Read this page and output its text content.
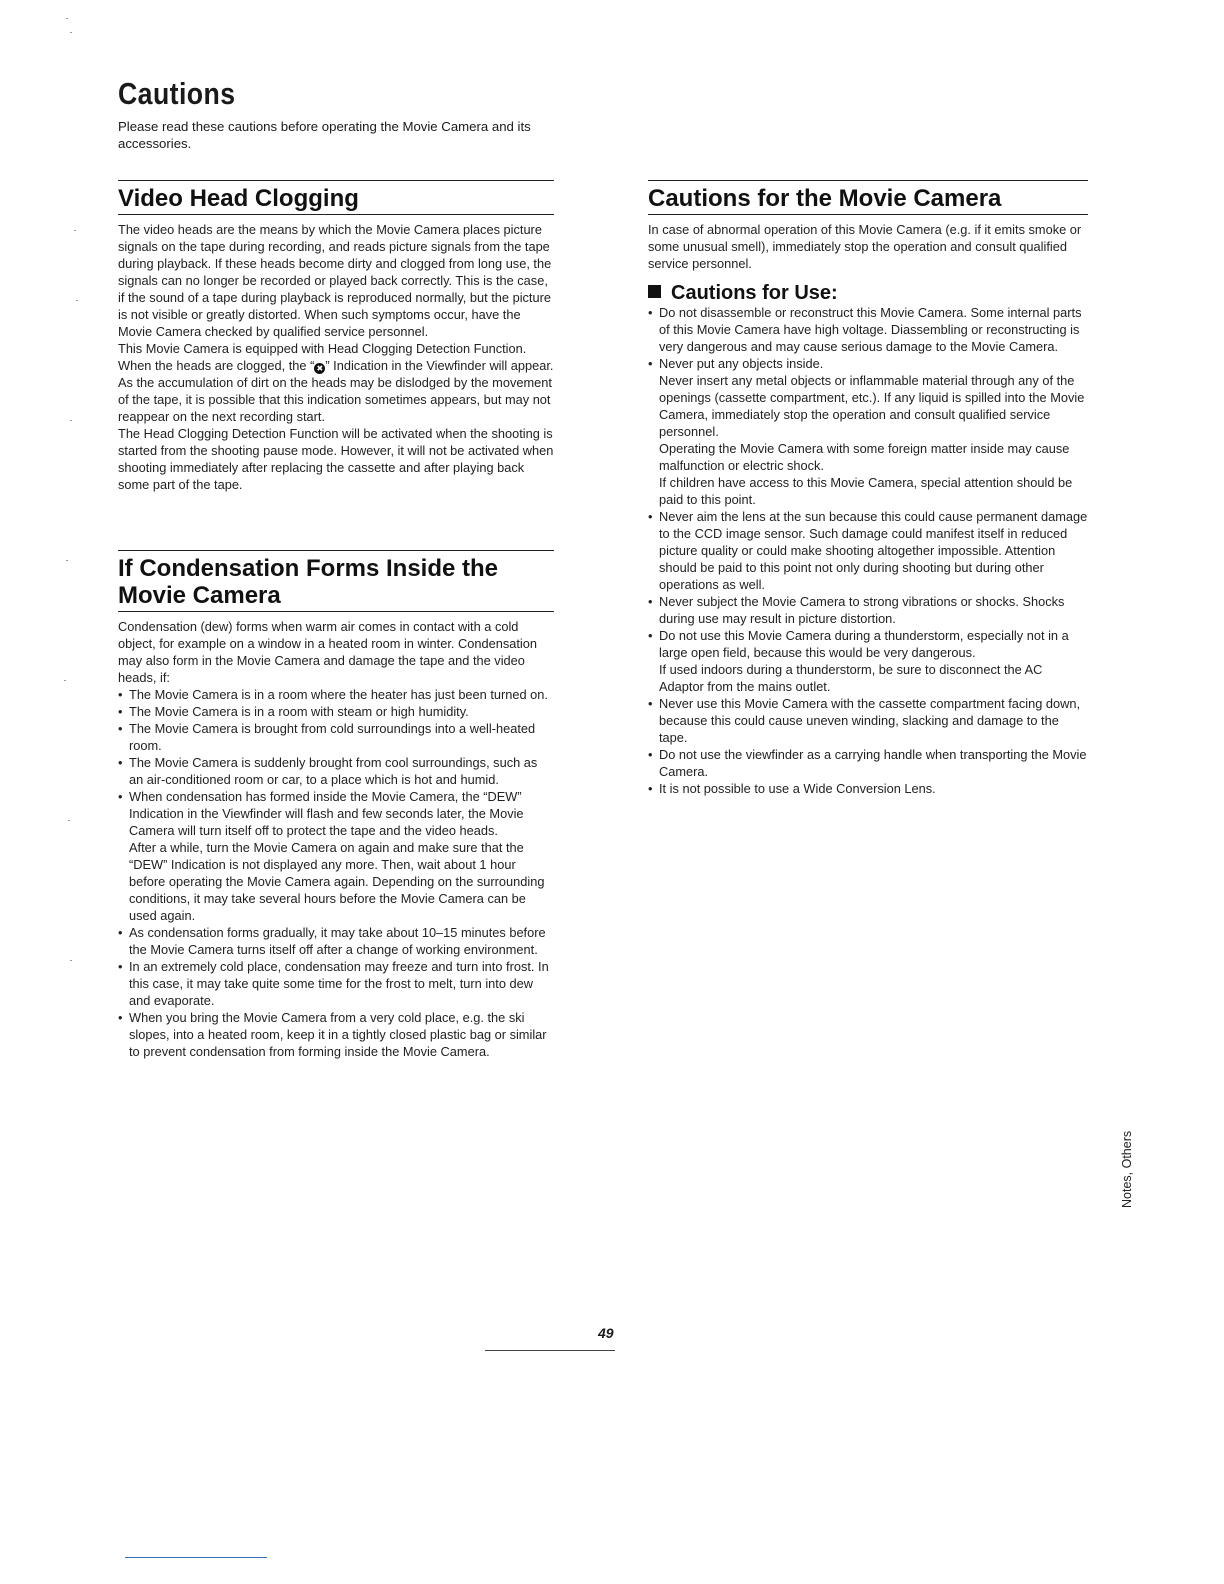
Cautions

Please read these cautions before operating the Movie Camera and its accessories.

Video Head Clogging

The video heads are the means by which the Movie Camera places picture signals on the tape during recording, and reads picture signals from the tape during playback. If these heads become dirty and clogged from long use, the signals can no longer be recorded or played back correctly. This is the case, if the sound of a tape during playback is reproduced normally, but the picture is not visible or greatly distorted. When such symptoms occur, have the Movie Camera checked by qualified service personnel.

This Movie Camera is equipped with Head Clogging Detection Function. When the heads are clogged, the “ ✖ ” Indication in the Viewfinder will appear. As the accumulation of dirt on the heads may be dislodged by the movement of the tape, it is possible that this indication sometimes appears, but may not reappear on the next recording start.

The Head Clogging Detection Function will be activated when the shooting is started from the shooting pause mode. However, it will not be activated when shooting immediately after replacing the cassette and after playing back some part of the tape.

If Condensation Forms Inside the Movie Camera

Condensation (dew) forms when warm air comes in contact with a cold object, for example on a window in a heated room in winter. Condensation may also form in the Movie Camera and damage the tape and the video heads, if:

• The Movie Camera is in a room where the heater has just been turned on.
• The Movie Camera is in a room with steam or high humidity.
• The Movie Camera is brought from cold surroundings into a well-heated room.
• The Movie Camera is suddenly brought from cool surroundings, such as an air-conditioned room or car, to a place which is hot and humid.
• When condensation has formed inside the Movie Camera, the “DEW” Indication in the Viewfinder will flash and few seconds later, the Movie Camera will turn itself off to protect the tape and the video heads.
After a while, turn the Movie Camera on again and make sure that the “DEW” Indication is not displayed any more. Then, wait about 1 hour before operating the Movie Camera again. Depending on the surrounding conditions, it may take several hours before the Movie Camera can be used again.
• As condensation forms gradually, it may take about 10–15 minutes before the Movie Camera turns itself off after a change of working environment.
• In an extremely cold place, condensation may freeze and turn into frost. In this case, it may take quite some time for the frost to melt, turn into dew and evaporate.
• When you bring the Movie Camera from a very cold place, e.g. the ski slopes, into a heated room, keep it in a tightly closed plastic bag or similar to prevent condensation from forming inside the Movie Camera.
Cautions for the Movie Camera

In case of abnormal operation of this Movie Camera (e.g. if it emits smoke or some unusual smell), immediately stop the operation and consult qualified service personnel.

Cautions for Use:
• Do not disassemble or reconstruct this Movie Camera. Some internal parts of this Movie Camera have high voltage. Diassembling or reconstructing is very dangerous and may cause serious damage to the Movie Camera.
• Never put any objects inside.
Never insert any metal objects or inflammable material through any of the openings (cassette compartment, etc.). If any liquid is spilled into the Movie Camera, immediately stop the operation and consult qualified service personnel.
Operating the Movie Camera with some foreign matter inside may cause malfunction or electric shock.
If children have access to this Movie Camera, special attention should be paid to this point.
• Never aim the lens at the sun because this could cause permanent damage to the CCD image sensor. Such damage could manifest itself in reduced picture quality or could make shooting altogether impossible. Attention should be paid to this point not only during shooting but during other operations as well.
• Never subject the Movie Camera to strong vibrations or shocks. Shocks during use may result in picture distortion.
• Do not use this Movie Camera during a thunderstorm, especially not in a large open field, because this would be very dangerous.
If used indoors during a thunderstorm, be sure to disconnect the AC Adaptor from the mains outlet.
• Never use this Movie Camera with the cassette compartment facing down, because this could cause uneven winding, slacking and damage to the tape.
• Do not use the viewfinder as a carrying handle when transporting the Movie Camera.
• It is not possible to use a Wide Conversion Lens.
Notes, Others
49
